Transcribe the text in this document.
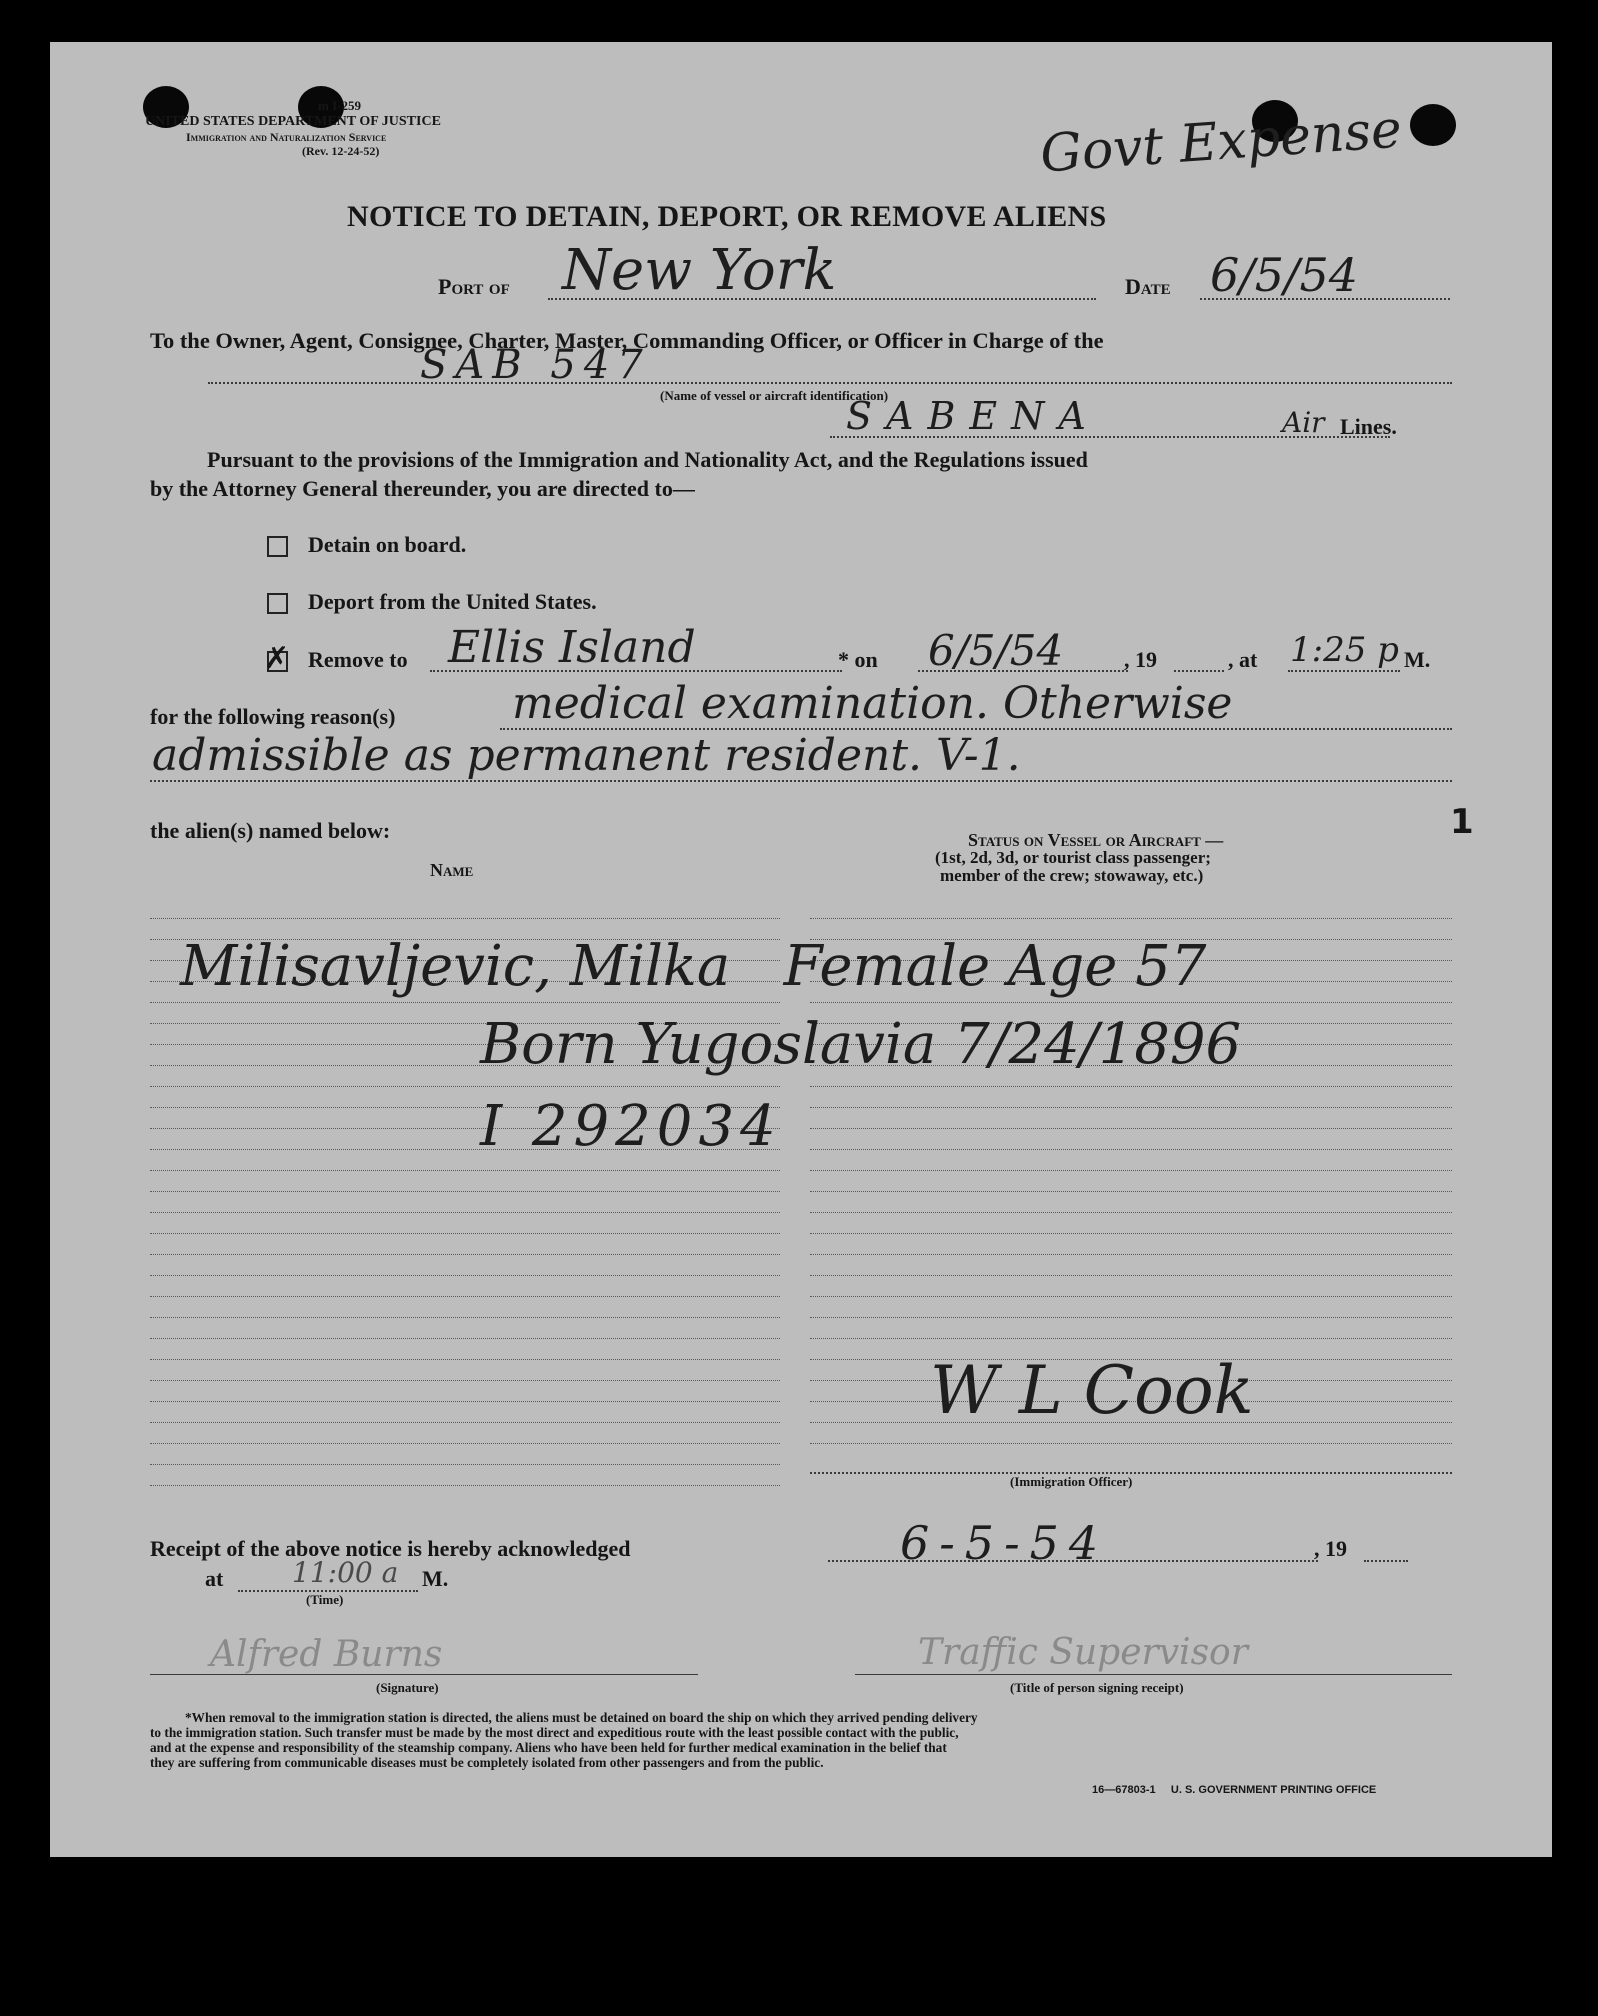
m I-259
UNITED STATES DEPARTMENT OF JUSTICE
Immigration and Naturalization Service
(Rev. 12-24-52)	Govt Expense
NOTICE TO DETAIN, DEPORT, OR REMOVE ALIENS
Port of New York	Date 6/5/54
To the Owner, Agent, Consignee, Charter, Master, Commanding Officer, or Officer in Charge of the
SAB 547
(Name of vessel or aircraft identification)
SABENA	Air Lines.
Pursuant to the provisions of the Immigration and Nationality Act, and the Regulations issued
by the Attorney General thereunder, you are directed to—
Detain on board.
Deport from the United States.
✗ Remove to Ellis Island	* on 6/5/54	, 19	, at 1:25 p M.
for the following reason(s)	medical examination. Otherwise
admissible as permanent resident. V-1.
the alien(s) named below:	1
Name
Status on Vessel or Aircraft —
(1st, 2d, 3d, or tourist class passenger;
member of the crew; stowaway, etc.)
Milisavljevic, Milka   Female Age 57
Born Yugoslavia 7/24/1896
I 292034
W L Cook
(Immigration Officer)
Receipt of the above notice is hereby acknowledged	6-5-54	, 19
at 11:00 a M.
(Time)
Alfred Burns
(Signature)
Traffic Supervisor
(Title of person signing receipt)
*When removal to the immigration station is directed, the aliens must be detained on board the ship on which they arrived pending delivery
to the immigration station. Such transfer must be made by the most direct and expeditious route with the least possible contact with the public,
and at the expense and responsibility of the steamship company. Aliens who have been held for further medical examination in the belief that
they are suffering from communicable diseases must be completely isolated from other passengers and from the public.
16—67803-1     U. S. GOVERNMENT PRINTING OFFICE
